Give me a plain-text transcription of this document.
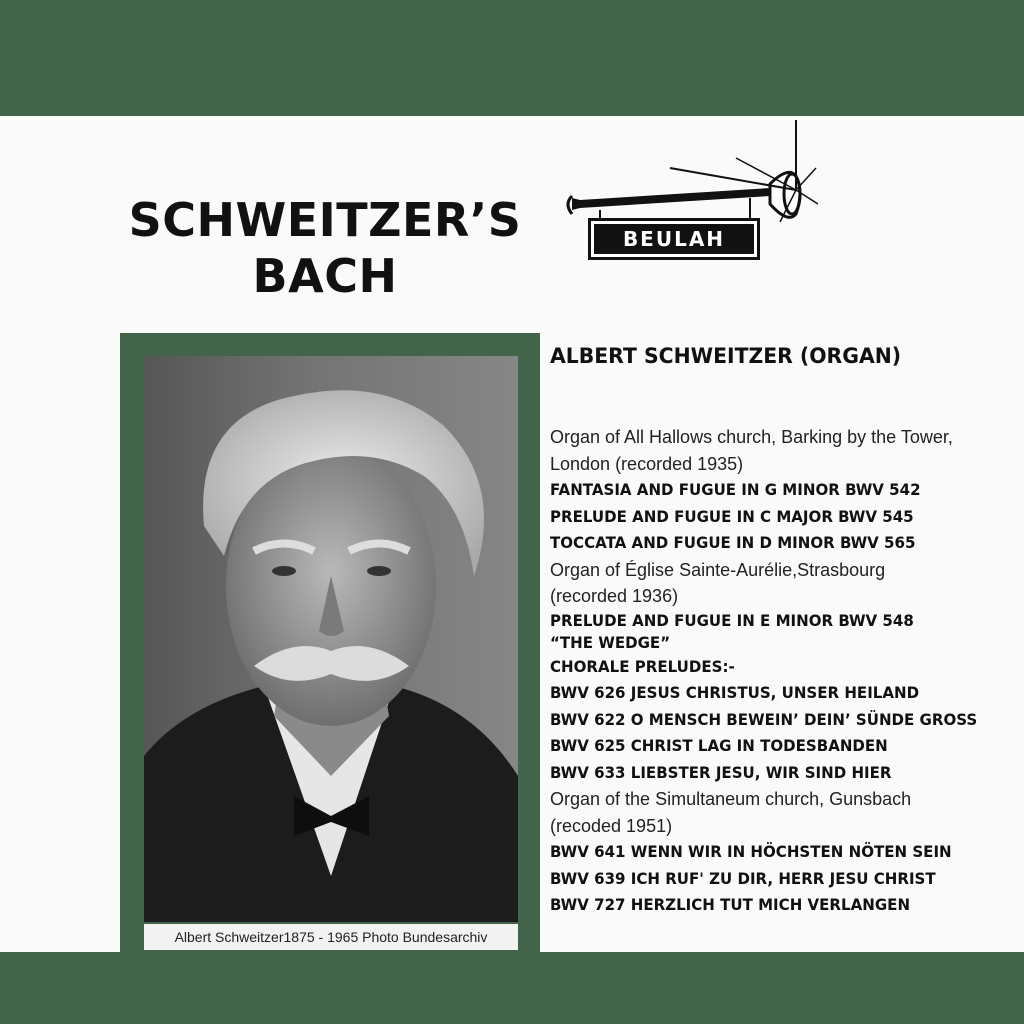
SCHWEITZER’S
BACH
BEULAH
Albert Schweitzer1875 - 1965 Photo Bundesarchiv
ALBERT SCHWEITZER (ORGAN)
Organ of All Hallows church, Barking by the Tower,
London (recorded 1935)
FANTASIA AND FUGUE IN G MINOR BWV 542
PRELUDE AND FUGUE IN C MAJOR BWV 545
TOCCATA AND FUGUE IN D MINOR BWV 565
Organ of Église Sainte-Aurélie,Strasbourg
(recorded 1936)
PRELUDE AND FUGUE IN E MINOR BWV 548
“THE WEDGE”
CHORALE PRELUDES:-
BWV 626 JESUS CHRISTUS, UNSER HEILAND
BWV 622 O MENSCH BEWEIN’ DEIN’ SÜNDE GROSS
BWV 625 CHRIST LAG IN TODESBANDEN
BWV 633 LIEBSTER JESU, WIR SIND HIER
Organ of the Simultaneum church, Gunsbach
(recoded 1951)
BWV 641 WENN WIR IN HÖCHSTEN NÖTEN SEIN
BWV 639 ICH RUF' ZU DIR, HERR JESU CHRIST
BWV 727 HERZLICH TUT MICH VERLANGEN
